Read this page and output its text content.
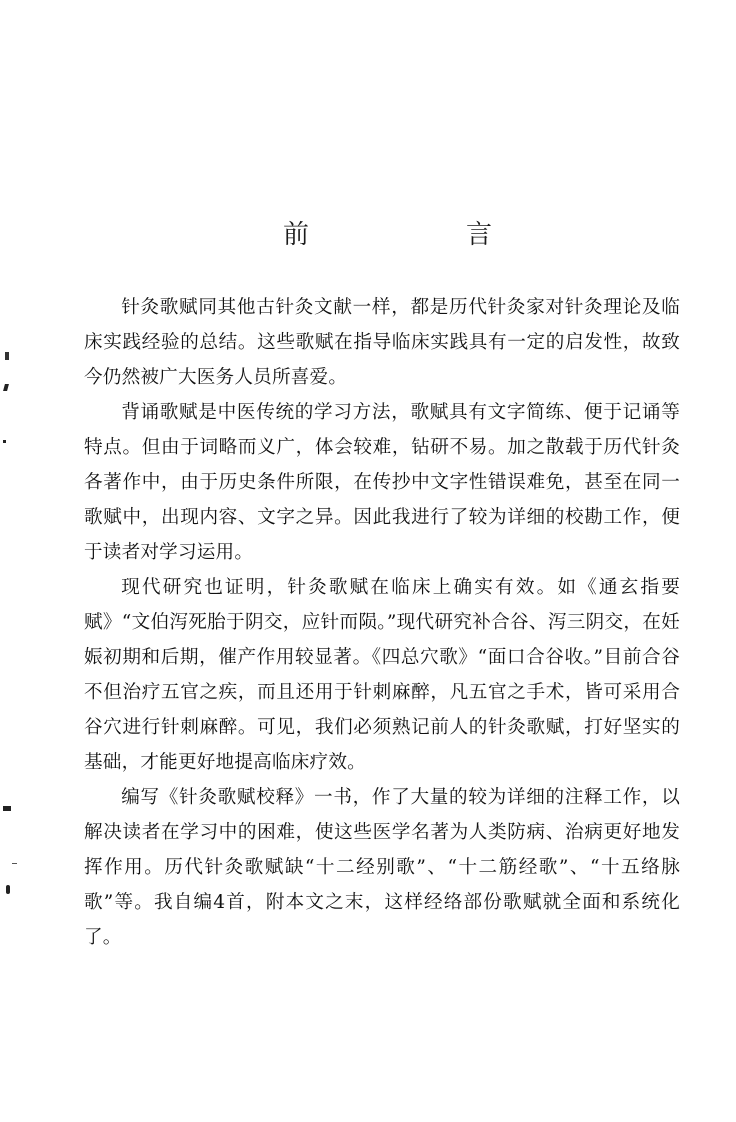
前	言

针灸歌赋同其他古针灸文献一样，都是历代针灸家对针灸理论及临床实践经验的总结。这些歌赋在指导临床实践具有一定的启发性，故致今仍然被广大医务人员所喜爱。

背诵歌赋是中医传统的学习方法，歌赋具有文字简练、便于记诵等特点。但由于词略而义广，体会较难，钻研不易。加之散载于历代针灸各著作中，由于历史条件所限，在传抄中文字性错误难免，甚至在同一歌赋中，出现内容、文字之异。因此我进行了较为详细的校勘工作，便于读者对学习运用。

现代研究也证明，针灸歌赋在临床上确实有效。如《通玄指要赋》“文伯泻死胎于阴交，应针而陨。”现代研究补合谷、泻三阴交，在妊娠初期和后期，催产作用较显著。《四总穴歌》“面口合谷收。”目前合谷不但治疗五官之疾，而且还用于针刺麻醉，凡五官之手术，皆可采用合谷穴进行针刺麻醉。可见，我们必须熟记前人的针灸歌赋，打好坚实的基础，才能更好地提高临床疗效。

编写《针灸歌赋校释》一书，作了大量的较为详细的注释工作，以解决读者在学习中的困难，使这些医学名著为人类防病、治病更好地发挥作用。历代针灸歌赋缺“十二经别歌”、“十二筋经歌”、“十五络脉歌”等。我自编4首，附本文之末，这样经络部份歌赋就全面和系统化了。
